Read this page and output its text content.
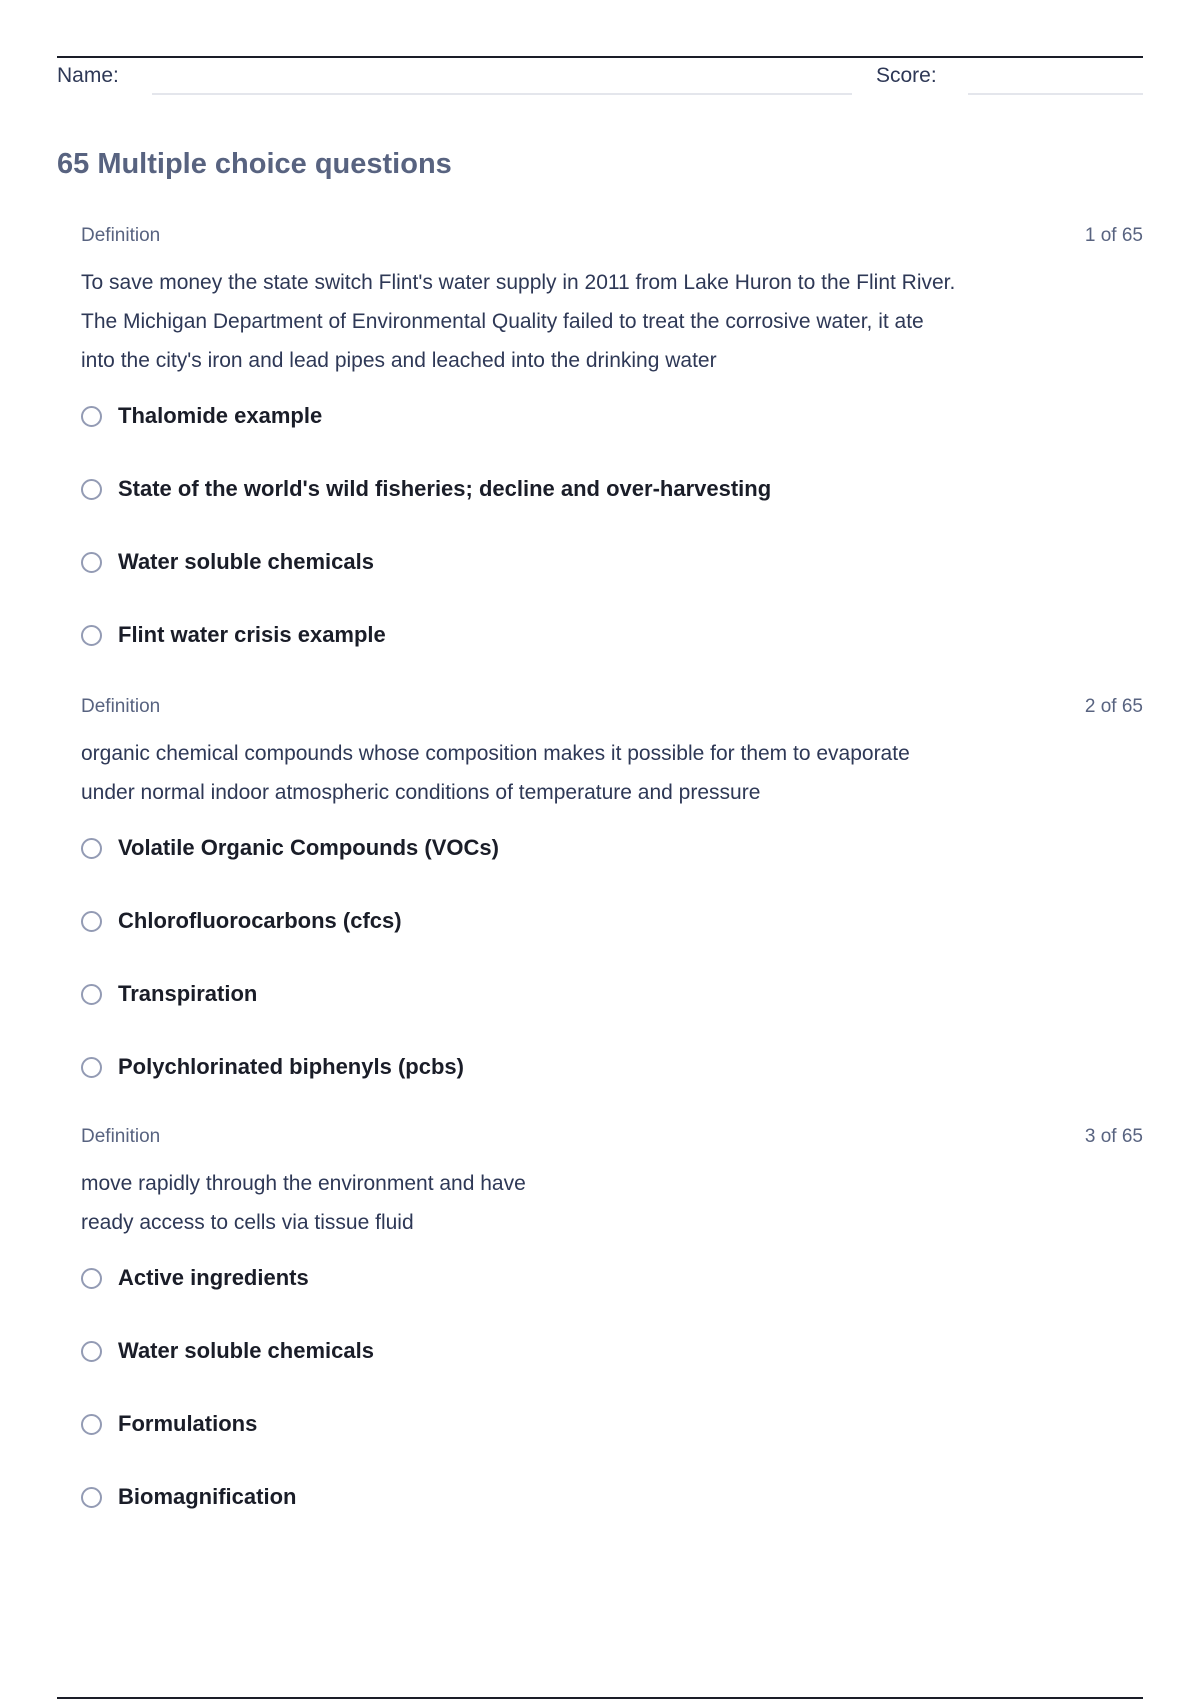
Name:	Score:
65 Multiple choice questions
Definition	1 of 65
To save money the state switch Flint's water supply in 2011 from Lake Huron to the Flint River.
The Michigan Department of Environmental Quality failed to treat the corrosive water, it ate
into the city's iron and lead pipes and leached into the drinking water
Thalomide example
State of the world's wild fisheries; decline and over-harvesting
Water soluble chemicals
Flint water crisis example
Definition	2 of 65
organic chemical compounds whose composition makes it possible for them to evaporate
under normal indoor atmospheric conditions of temperature and pressure
Volatile Organic Compounds (VOCs)
Chlorofluorocarbons (cfcs)
Transpiration
Polychlorinated biphenyls (pcbs)
Definition	3 of 65
move rapidly through the environment and have
ready access to cells via tissue fluid
Active ingredients
Water soluble chemicals
Formulations
Biomagnification
